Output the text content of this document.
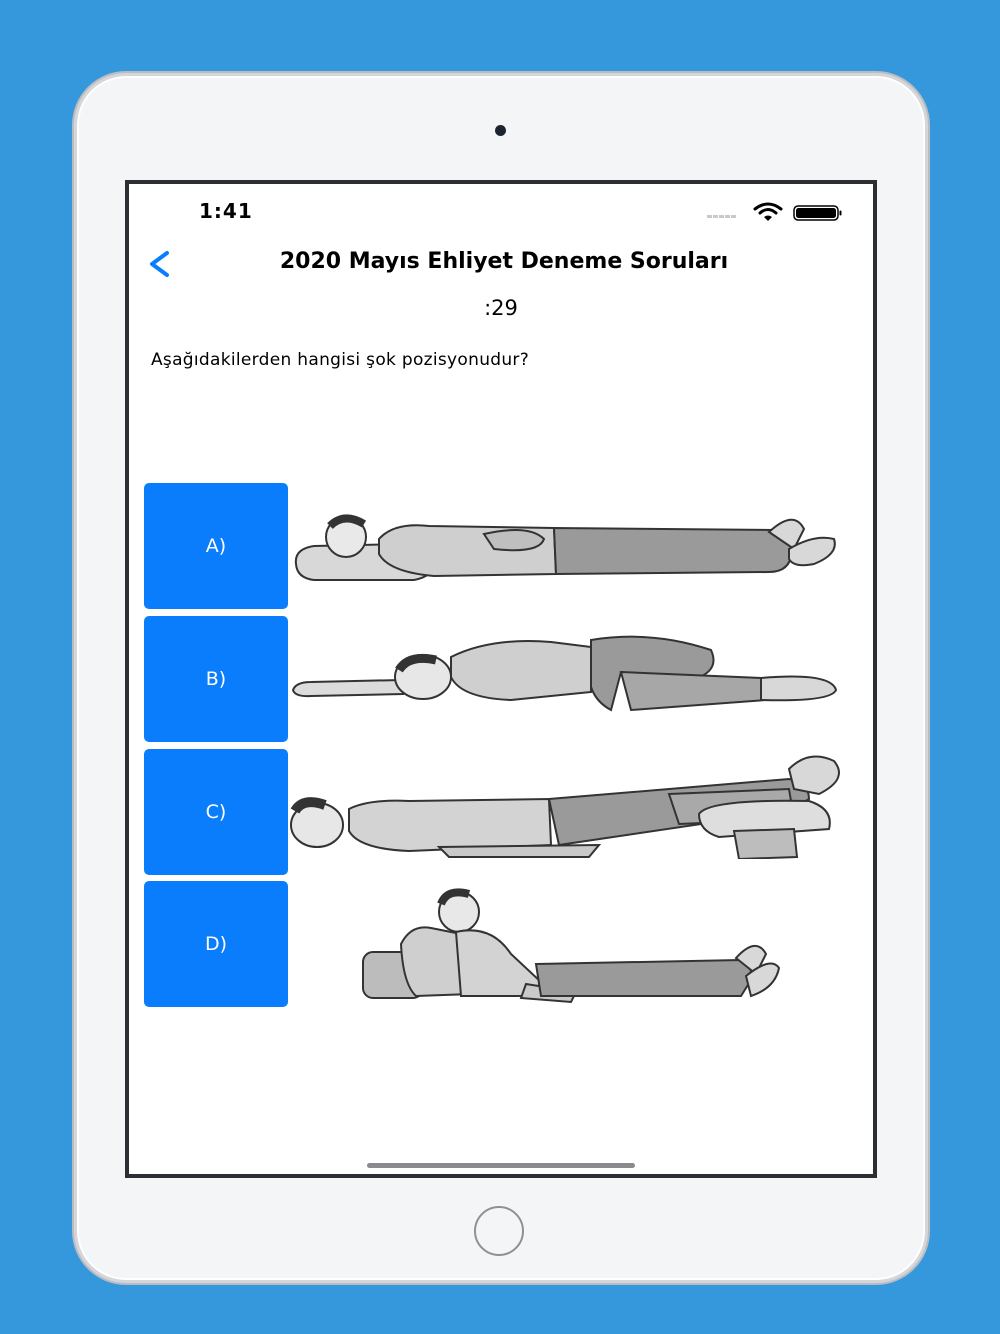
1:41
2020 Mayıs Ehliyet Deneme Soruları
:29
Aşağıdakilerden hangisi şok pozisyonudur?
A)
B)
C)
D)
